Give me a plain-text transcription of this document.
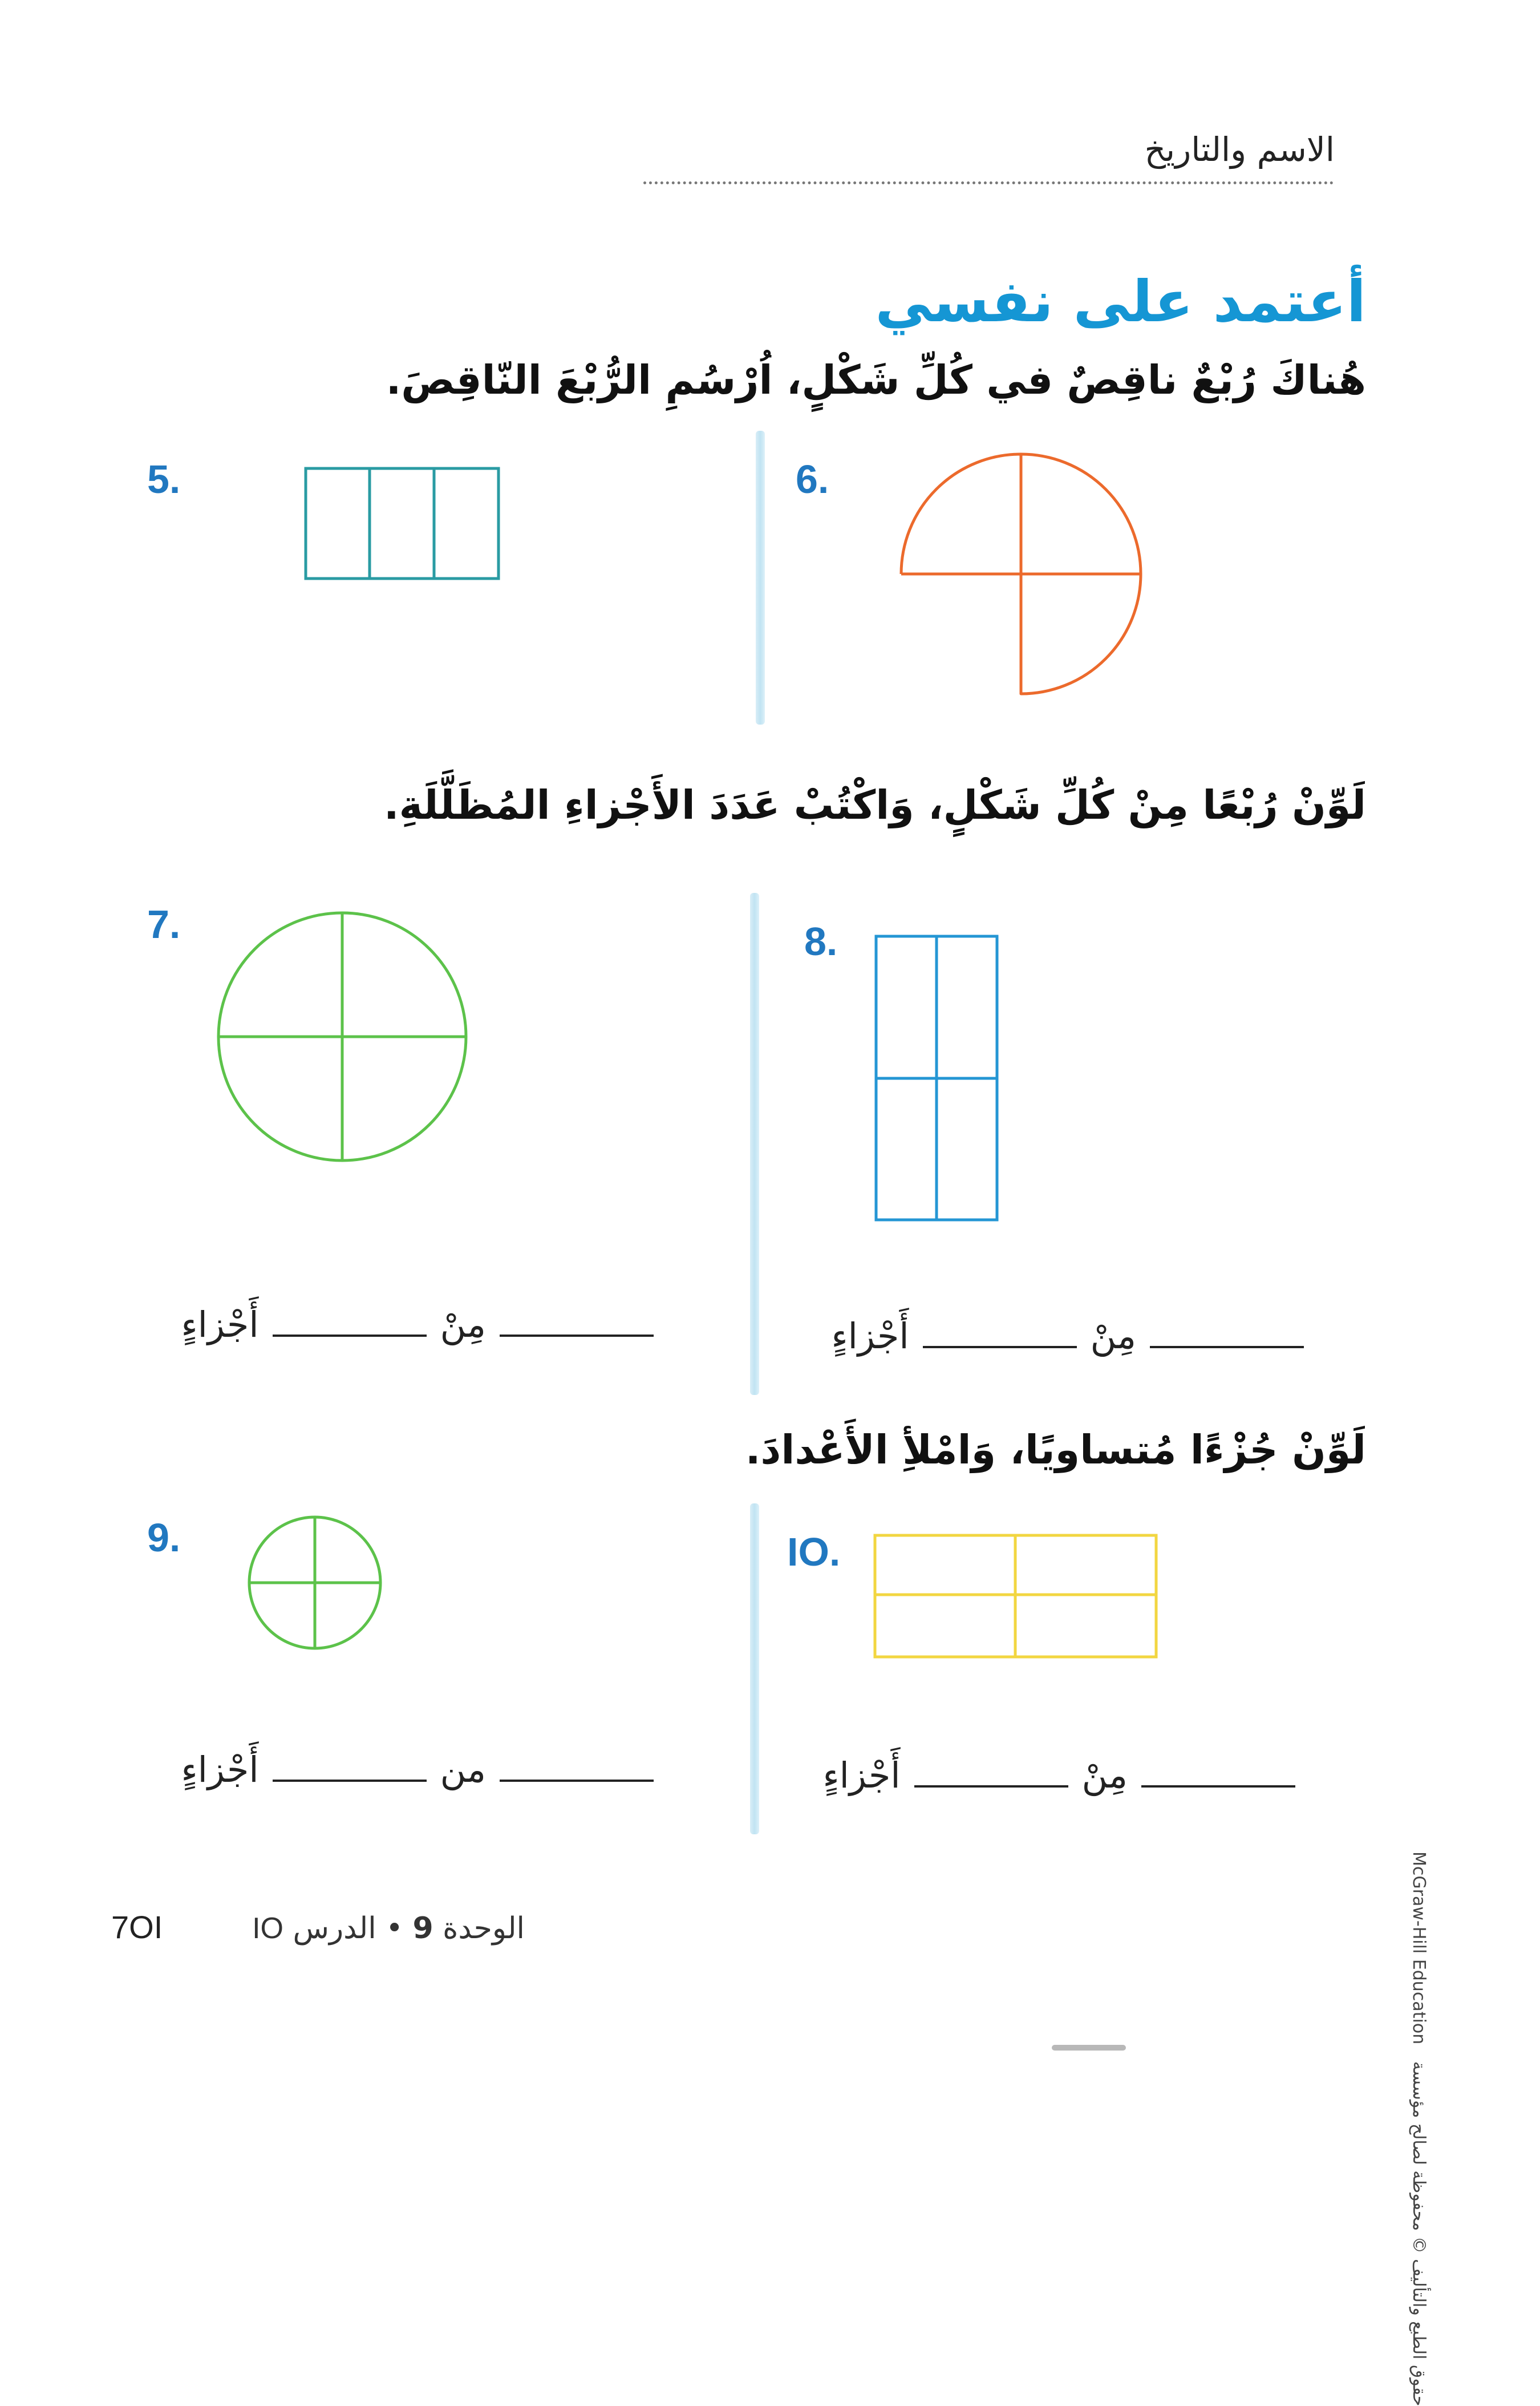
الاسم والتاريخ
أعتمد على نفسي
هُناكَ رُبْعٌ ناقِصٌ في كُلِّ شَكْلٍ، اُرْسُمِ الرُّبْعَ النّاقِصَ.
5.	6.
لَوِّنْ رُبْعًا مِنْ كُلِّ شَكْلٍ، وَاكْتُبْ عَدَدَ الأَجْزاءِ المُظَلَّلَةِ.
7.
مِنْأَجْزاءٍ
8.
مِنْأَجْزاءٍ
لَوِّنْ جُزْءًا مُتساويًا، وَامْلأِ الأَعْدادَ.
9.
منأَجْزاءٍ
IO.
مِنْأَجْزاءٍ
McGraw-Hill Education حقوق الطبع والتأليف © محفوظة لصالح مؤسسة
7OI	الوحدة 9 • الدرس IO
